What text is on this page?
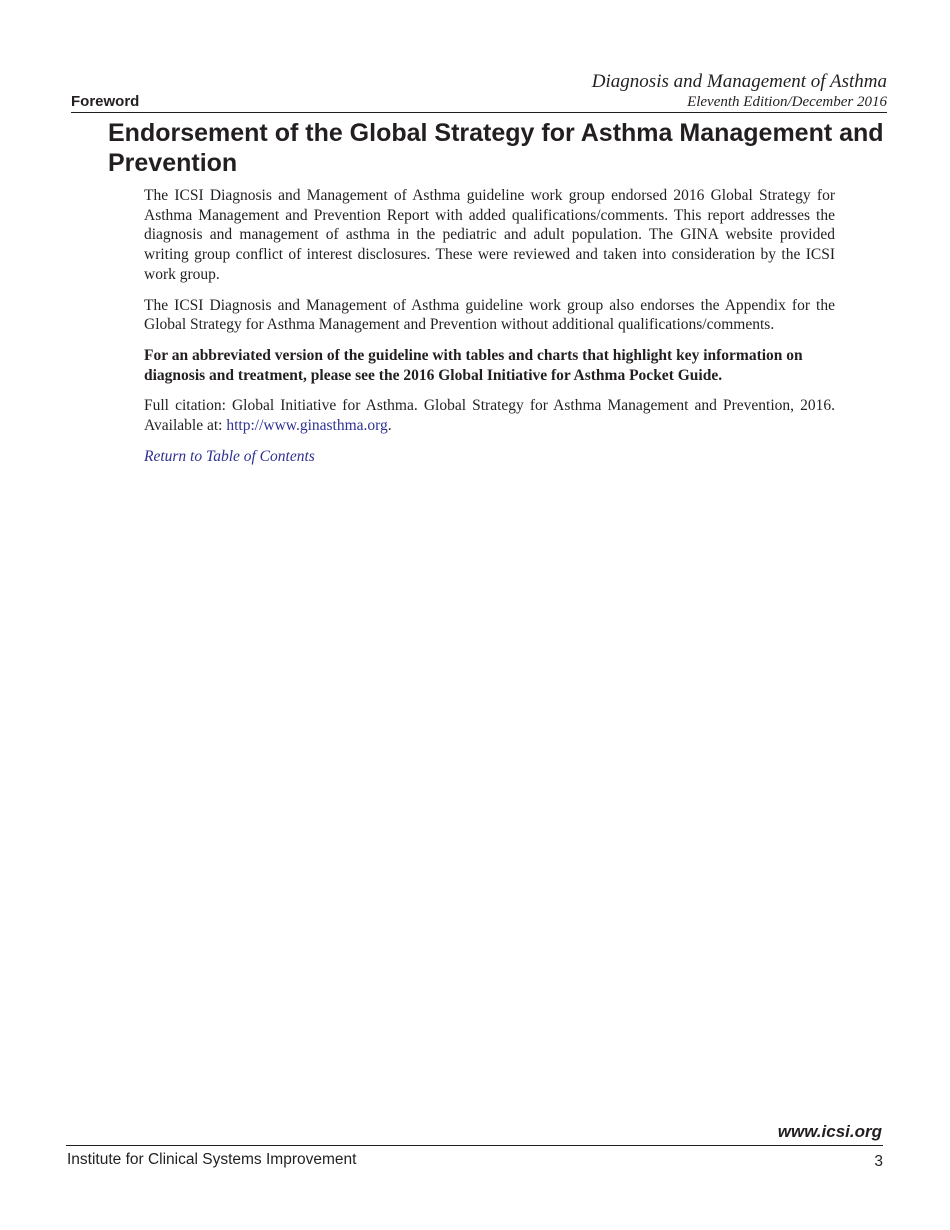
Diagnosis and Management of Asthma
Eleventh Edition/December 2016
Foreword
Endorsement of the Global Strategy for Asthma Management and Prevention

The ICSI Diagnosis and Management of Asthma guideline work group endorsed 2016 Global Strategy for Asthma Management and Prevention Report with added qualifications/comments. This report addresses the diagnosis and management of asthma in the pediatric and adult population. The GINA website provided writing group conflict of interest disclosures. These were reviewed and taken into consideration by the ICSI work group.

The ICSI Diagnosis and Management of Asthma guideline work group also endorses the Appendix for the Global Strategy for Asthma Management and Prevention without additional qualifications/comments.

For an abbreviated version of the guideline with tables and charts that highlight key information on diagnosis and treatment, please see the 2016 Global Initiative for Asthma Pocket Guide.

Full citation: Global Initiative for Asthma. Global Strategy for Asthma Management and Prevention, 2016. Available at: http://www.ginasthma.org.

Return to Table of Contents
www.icsi.org
Institute for Clinical Systems Improvement	3
